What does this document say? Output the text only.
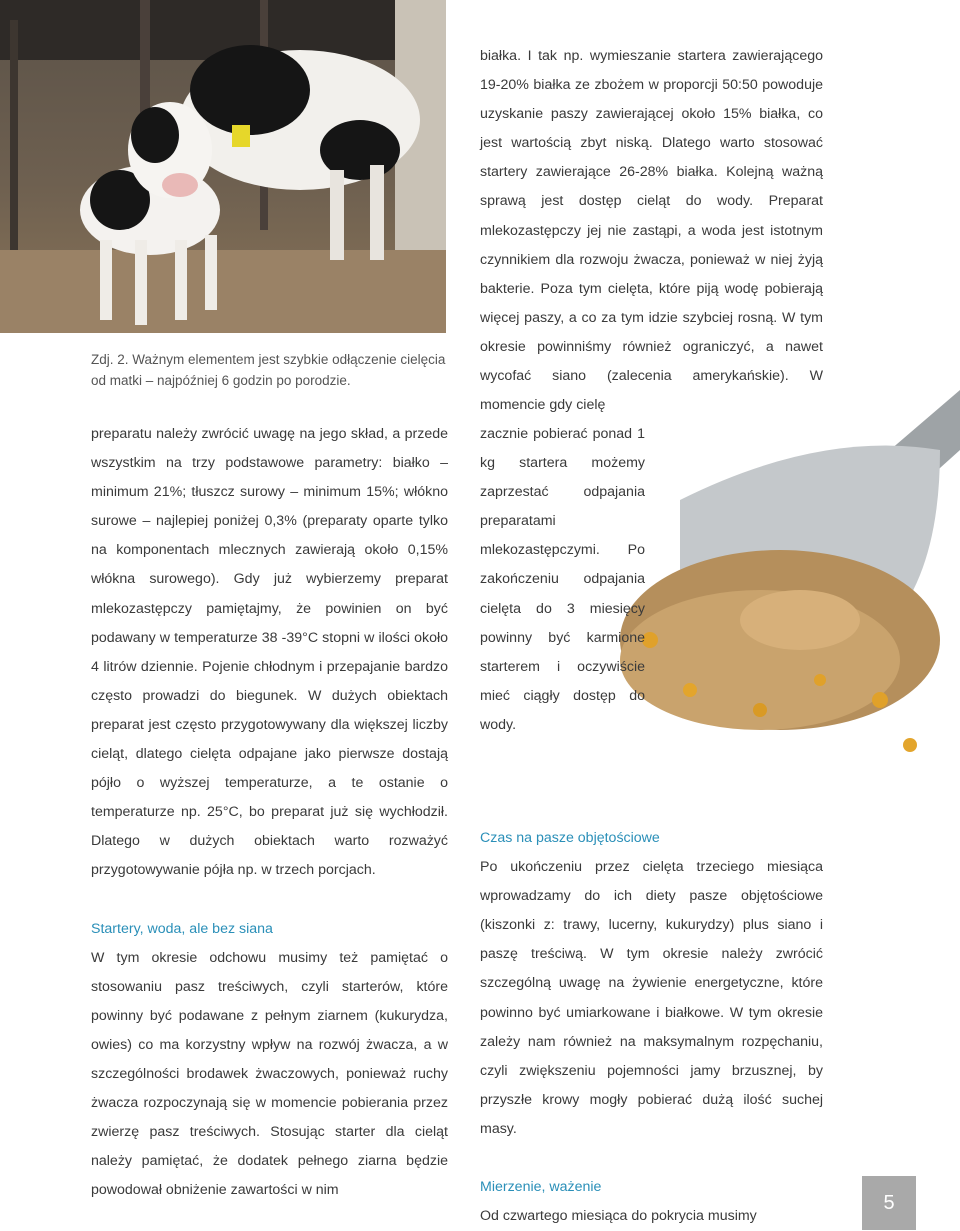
Zdj. 2. Ważnym elementem jest szybkie odłączenie cielęcia od matki – najpóźniej 6 godzin po porodzie.

preparatu należy zwrócić uwagę na jego skład, a przede wszystkim na trzy podstawowe parametry: białko – minimum 21%; tłuszcz surowy – minimum 15%; włókno surowe – najlepiej poniżej 0,3% (preparaty oparte tylko na komponentach mlecznych zawierają około 0,15% włókna surowego). Gdy już wybierzemy preparat mlekozastępczy pamiętajmy, że powinien on być podawany w temperaturze 38 -39°C stopni w ilości około 4 litrów dziennie. Pojenie chłodnym i przepajanie bardzo często prowadzi do biegunek. W dużych obiektach preparat jest często przygotowywany dla większej liczby cieląt, dlatego cielęta odpajane jako pierwsze dostają pójło o wyższej temperaturze, a te ostanie o temperaturze np. 25°C, bo preparat już się wychłodził. Dlatego w dużych obiektach warto rozważyć przygotowywanie pójła np. w trzech porcjach.

Startery, woda, ale bez siana

W tym okresie odchowu musimy też pamiętać o stosowaniu pasz treściwych, czyli starterów, które powinny być podawane z pełnym ziarnem (kukurydza, owies) co ma korzystny wpływ na rozwój żwacza, a w szczególności brodawek żwaczowych, ponieważ ruchy żwacza rozpoczynają się w momencie pobierania przez zwierzę pasz treściwych. Stosując starter dla cieląt należy pamiętać, że dodatek pełnego ziarna będzie powodował obniżenie zawartości w nim

białka. I tak np. wymieszanie startera zawierającego 19-20% białka ze zbożem w proporcji 50:50 powoduje uzyskanie paszy zawierającej około 15% białka, co jest wartością zbyt niską. Dlatego warto stosować startery zawierające 26-28% białka. Kolejną ważną sprawą jest dostęp cieląt do wody. Preparat mlekozastępczy jej nie zastąpi, a woda jest istotnym czynnikiem dla rozwoju żwacza, ponieważ w niej żyją bakterie. Poza tym cielęta, które piją wodę pobierają więcej paszy, a co za tym idzie szybciej rosną. W tym okresie powinniśmy również ograniczyć, a nawet wycofać siano (zalecenia amerykańskie). W momencie gdy cielę

zacznie pobierać ponad 1 kg startera możemy zaprzestać odpajania preparatami mlekozastępczymi. Po zakończeniu odpajania cielęta do 3 miesięcy powinny być karmione starterem i oczywiście mieć ciągły dostęp do wody.

Czas na pasze objętościowe

Po ukończeniu przez cielęta trzeciego miesiąca wprowadzamy do ich diety pasze objętościowe (kiszonki z: trawy, lucerny, kukurydzy) plus siano i paszę treściwą. W tym okresie należy zwrócić szczególną uwagę na żywienie energetyczne, które powinno być umiarkowane i białkowe. W tym okresie zależy nam również na maksymalnym rozpęchaniu, czyli zwiększeniu pojemności jamy brzusznej, by przyszłe krowy mogły pobierać dużą ilość suchej masy.

Mierzenie, ważenie

Od czwartego miesiąca do pokrycia musimy

5
